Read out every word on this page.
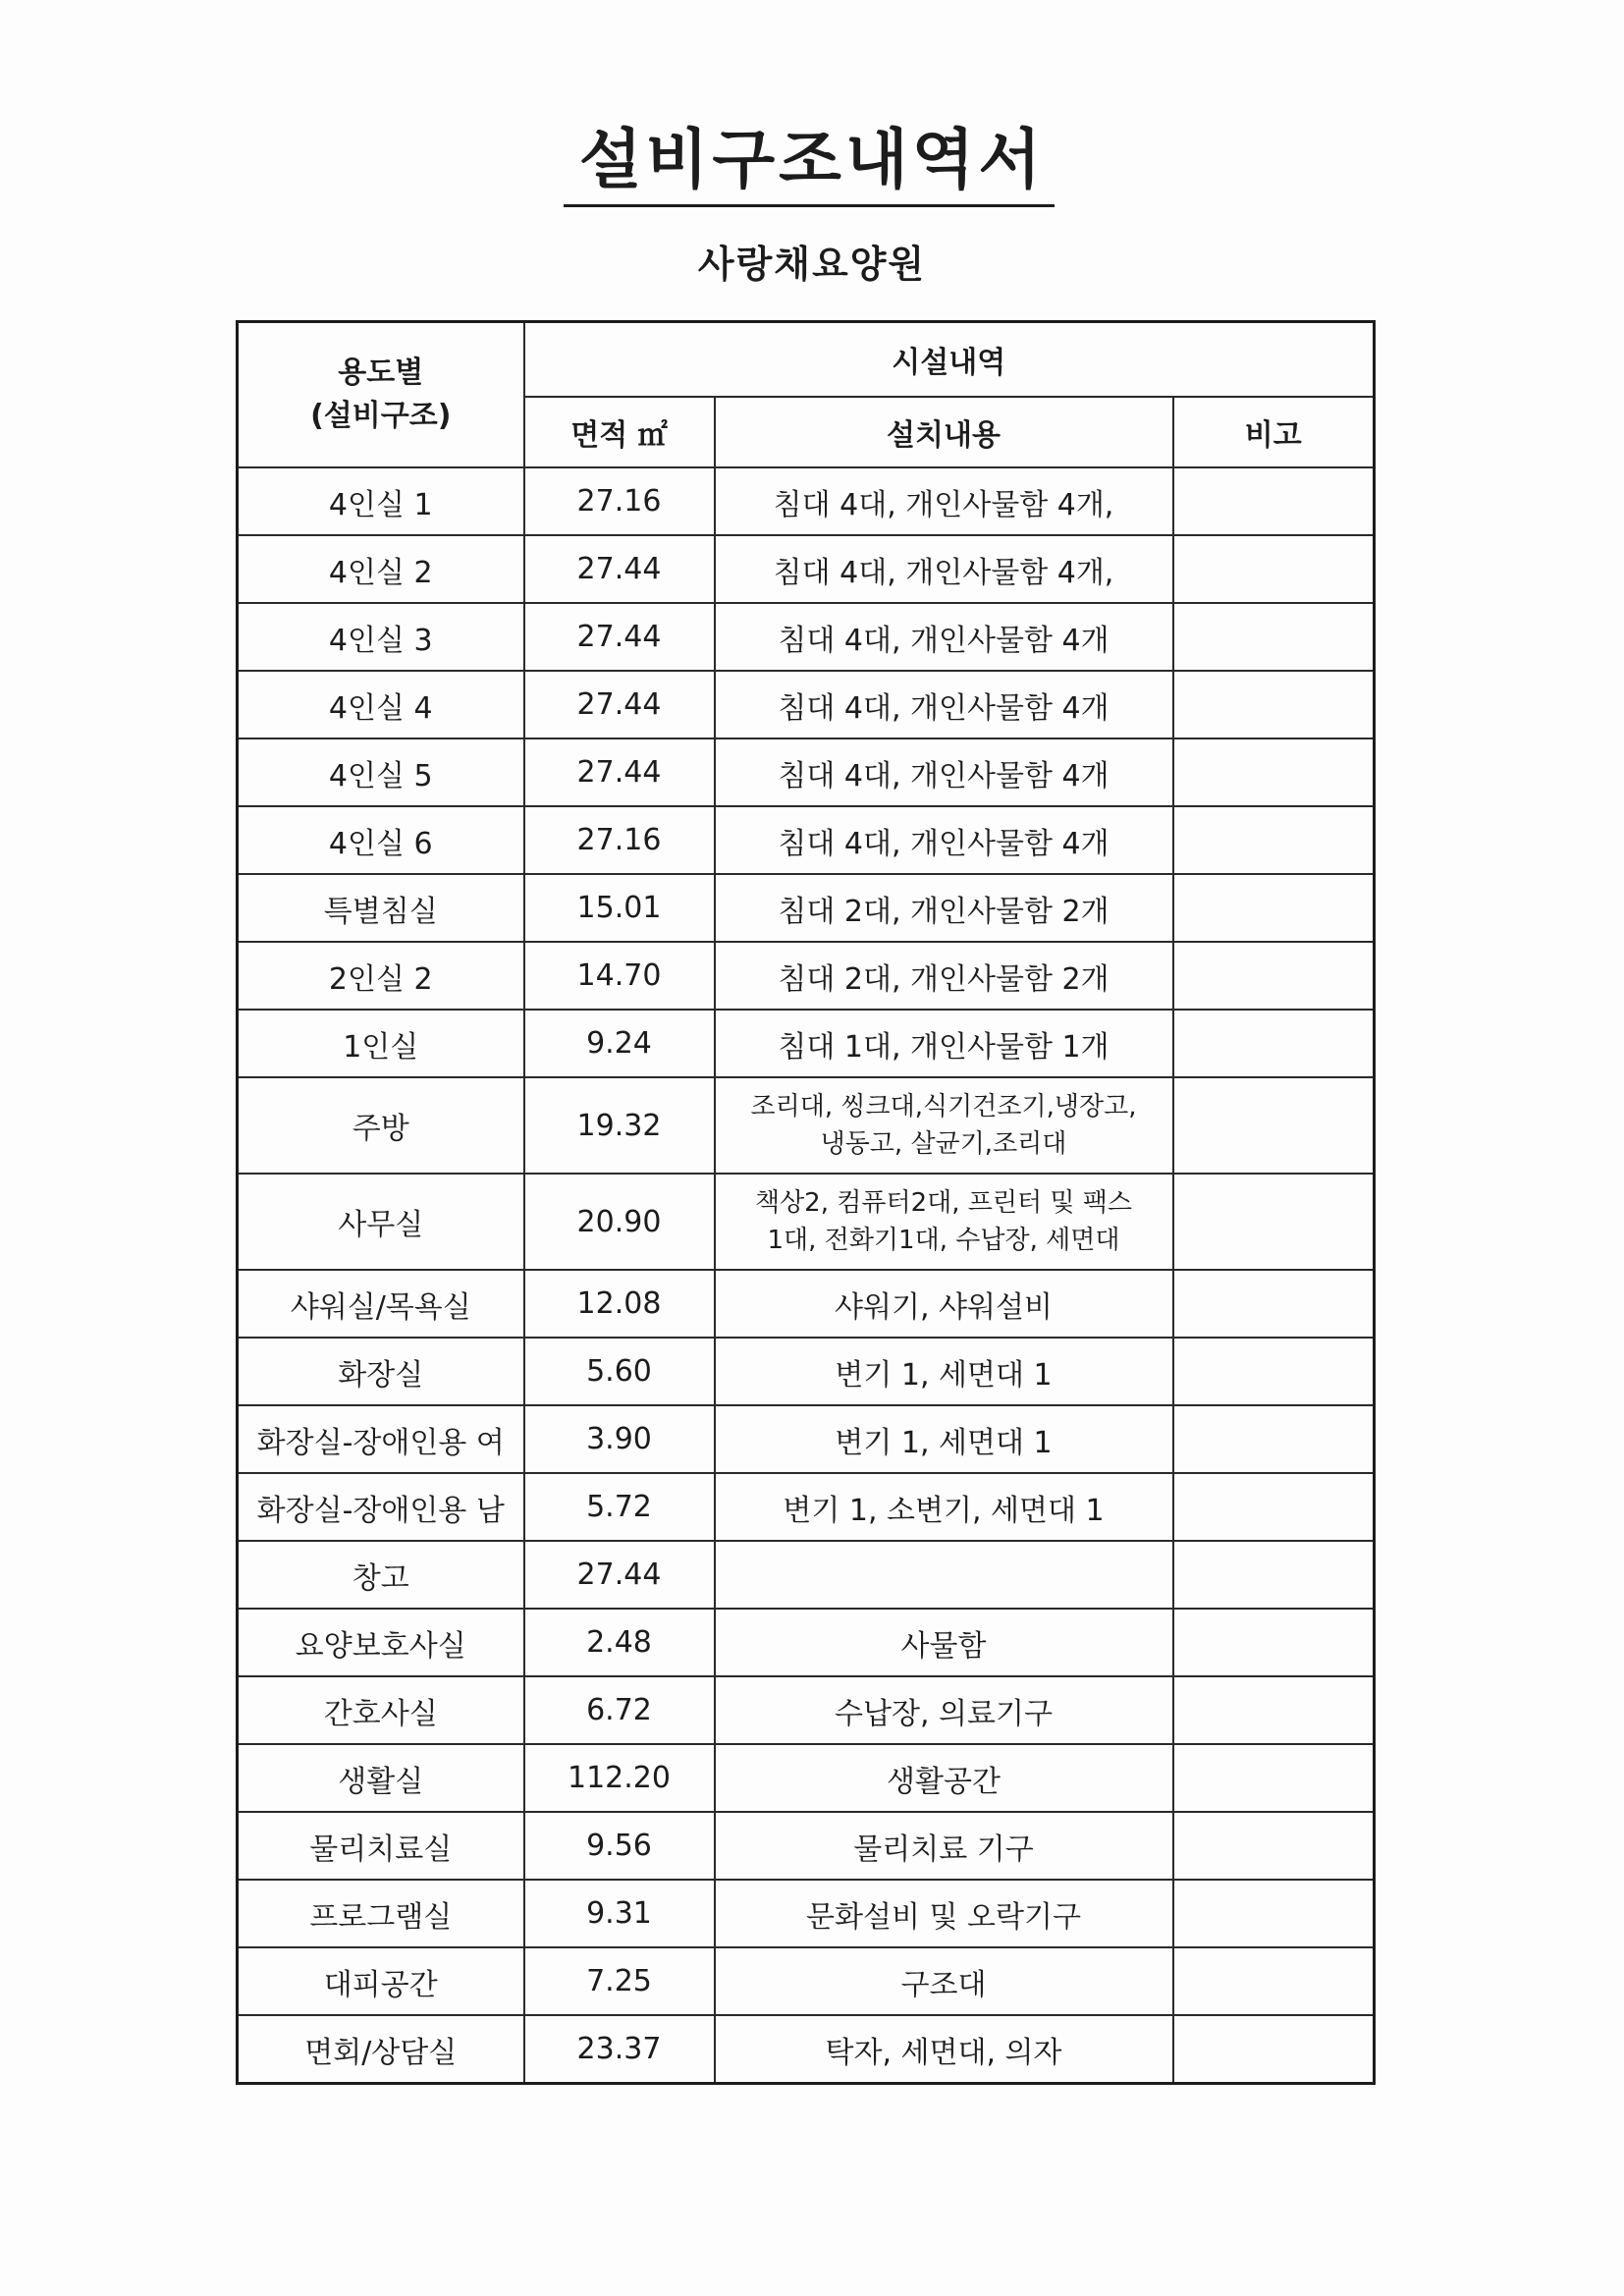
설비구조내역서
사랑채요양원
용도별
(설비구조)	시설내역		
	면적 ㎡	설치내용	비고
4인실 1	27.16	침대 4대, 개인사물함 4개,	
4인실 2	27.44	침대 4대, 개인사물함 4개,	
4인실 3	27.44	침대 4대, 개인사물함 4개	
4인실 4	27.44	침대 4대, 개인사물함 4개	
4인실 5	27.44	침대 4대, 개인사물함 4개	
4인실 6	27.16	침대 4대, 개인사물함 4개	
특별침실	15.01	침대 2대, 개인사물함 2개	
2인실 2	14.70	침대 2대, 개인사물함 2개	
1인실	9.24	침대 1대, 개인사물함 1개	
주방	19.32	조리대, 씽크대,식기건조기,냉장고,
냉동고, 살균기,조리대	
사무실	20.90	책상2, 컴퓨터2대, 프린터 및 팩스
1대, 전화기1대, 수납장, 세면대	
샤워실/목욕실	12.08	샤워기, 샤워설비	
화장실	5.60	변기 1, 세면대 1	
화장실-장애인용 여	3.90	변기 1, 세면대 1	
화장실-장애인용 남	5.72	변기 1, 소변기, 세면대 1	
창고	27.44		
요양보호사실	2.48	사물함	
간호사실	6.72	수납장, 의료기구	
생활실	112.20	생활공간	
물리치료실	9.56	물리치료 기구	
프로그램실	9.31	문화설비 및 오락기구	
대피공간	7.25	구조대	
면회/상담실	23.37	탁자, 세면대, 의자	
